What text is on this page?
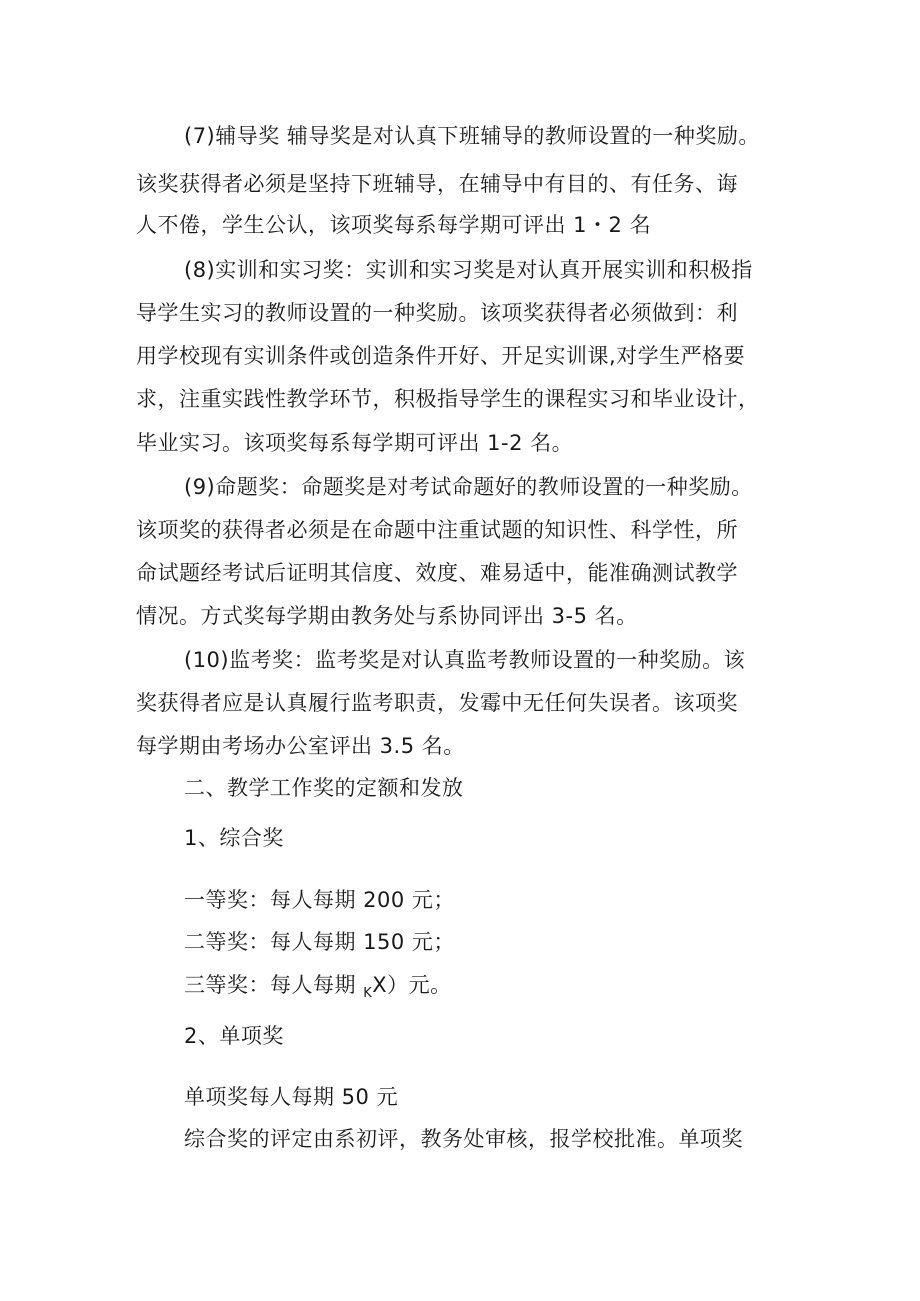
(7)辅导奖 辅导奖是对认真下班辅导的教师设置的一种奖励。
该奖获得者必须是坚持下班辅导，在辅导中有目的、有任务、诲
人不倦，学生公认，该项奖每系每学期可评出 1・2 名
(8)实训和实习奖：实训和实习奖是对认真开展实训和积极指
导学生实习的教师设置的一种奖励。该项奖获得者必须做到：利
用学校现有实训条件或创造条件开好、开足实训课,对学生严格要
求，注重实践性教学环节，积极指导学生的课程实习和毕业设计，
毕业实习。该项奖每系每学期可评出 1-2 名。
(9)命题奖：命题奖是对考试命题好的教师设置的一种奖励。
该项奖的获得者必须是在命题中注重试题的知识性、科学性，所
命试题经考试后证明其信度、效度、难易适中，能准确测试教学
情况。方式奖每学期由教务处与系协同评出 3-5 名。
(10)监考奖：监考奖是对认真监考教师设置的一种奖励。该
奖获得者应是认真履行监考职责，发霉中无任何失误者。该项奖
每学期由考场办公室评出 3.5 名。
二、教学工作奖的定额和发放
1、综合奖
一等奖：每人每期 200 元；
二等奖：每人每期 150 元；
三等奖：每人每期 $_K$X）元。
2、单项奖
单项奖每人每期 50 元
综合奖的评定由系初评，教务处审核，报学校批准。单项奖
